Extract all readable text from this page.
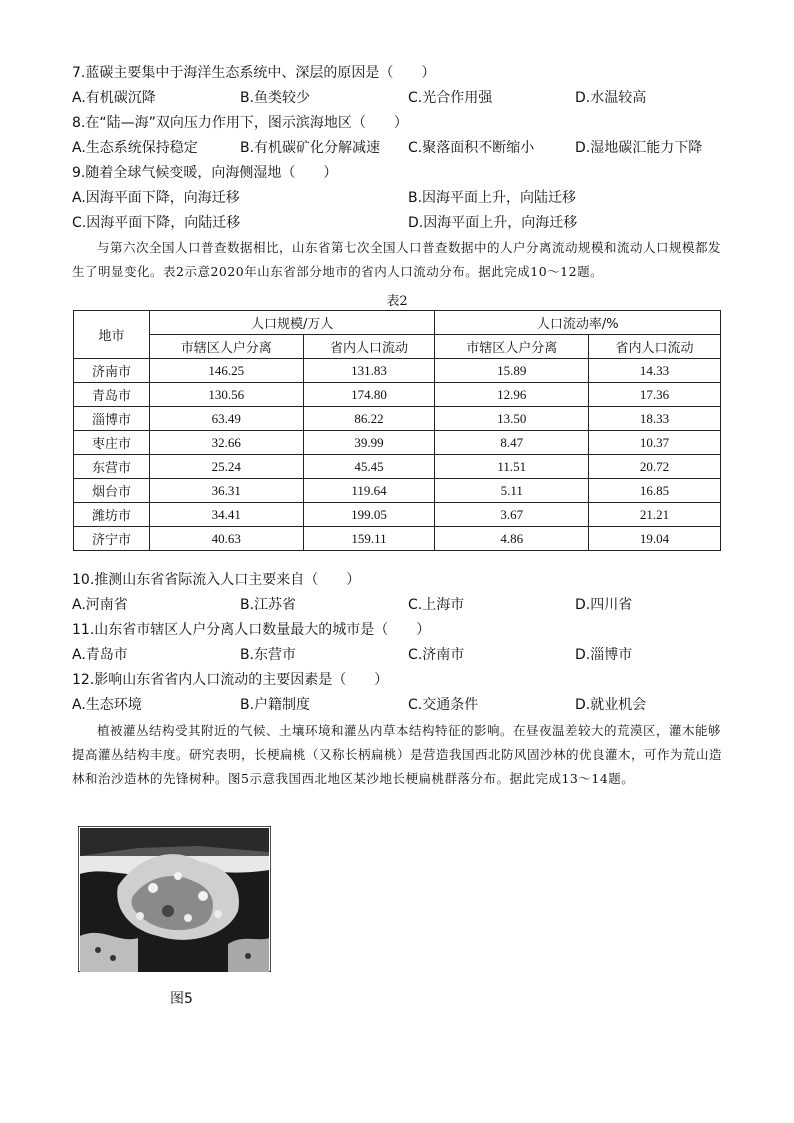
7.蓝碳主要集中于海洋生态系统中、深层的原因是（　　）
A.有机碳沉降	B.鱼类较少	C.光合作用强	D.水温较高
8.在“陆—海”双向压力作用下，图示滨海地区（　　）
A.生态系统保持稳定	B.有机碳矿化分解减速 C.聚落面积不断缩小	D.湿地碳汇能力下降
9.随着全球气候变暖，向海侧湿地（　　）
A.因海平面下降，向海迁移	B.因海平面上升，向陆迁移
C.因海平面下降，向陆迁移	D.因海平面上升，向海迁移
与第六次全国人口普查数据相比，山东省第七次全国人口普查数据中的人户分离流动规模和流动人口规模都发生了明显变化。表2示意2020年山东省部分地市的省内人口流动分布。据此完成10～12题。
表2
地市	人口规模/万人		人口流动率/%	
	市辖区人户分离	省内人口流动	市辖区人户分离	省内人口流动
济南市	146.25	131.83	15.89	14.33
青岛市	130.56	174.80	12.96	17.36
淄博市	63.49	86.22	13.50	18.33
枣庄市	32.66	39.99	8.47	10.37
东营市	25.24	45.45	11.51	20.72
烟台市	36.31	119.64	5.11	16.85
潍坊市	34.41	199.05	3.67	21.21
济宁市	40.63	159.11	4.86	19.04
10.推测山东省省际流入人口主要来自（　　）
A.河南省	B.江苏省	C.上海市	D.四川省
11.山东省市辖区人户分离人口数量最大的城市是（　　）
A.青岛市	B.东营市	C.济南市	D.淄博市
12.影响山东省省内人口流动的主要因素是（　　）
A.生态环境	B.户籍制度	C.交通条件	D.就业机会
植被灌丛结构受其附近的气候、土壤环境和灌丛内草本结构特征的影响。在昼夜温差较大的荒漠区，灌木能够提高灌丛结构丰度。研究表明，长梗扁桃（又称长柄扁桃）是营造我国西北防风固沙林的优良灌木，可作为荒山造林和治沙造林的先锋树种。图5示意我国西北地区某沙地长梗扁桃群落分布。据此完成13～14题。
图5
